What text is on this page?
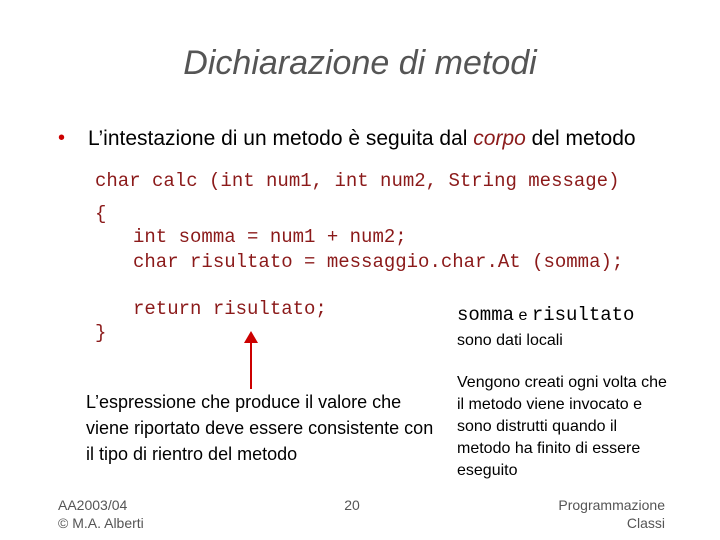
Dichiarazione di metodi
• L’intestazione di un metodo è seguita dal corpo del metodo
char calc (int num1, int num2, String message)
{
int somma = num1 + num2;
char risultato = messaggio.char.At (somma);
return risultato;
}
somma e risultato
sono dati locali
L’espressione che produce il valore che viene riportato deve essere consistente con il tipo di rientro del metodo
Vengono creati ogni volta che il metodo viene invocato e sono distrutti quando il metodo ha finito di essere eseguito
AA2003/04
© M.A. Alberti
20	Programmazione
Classi
